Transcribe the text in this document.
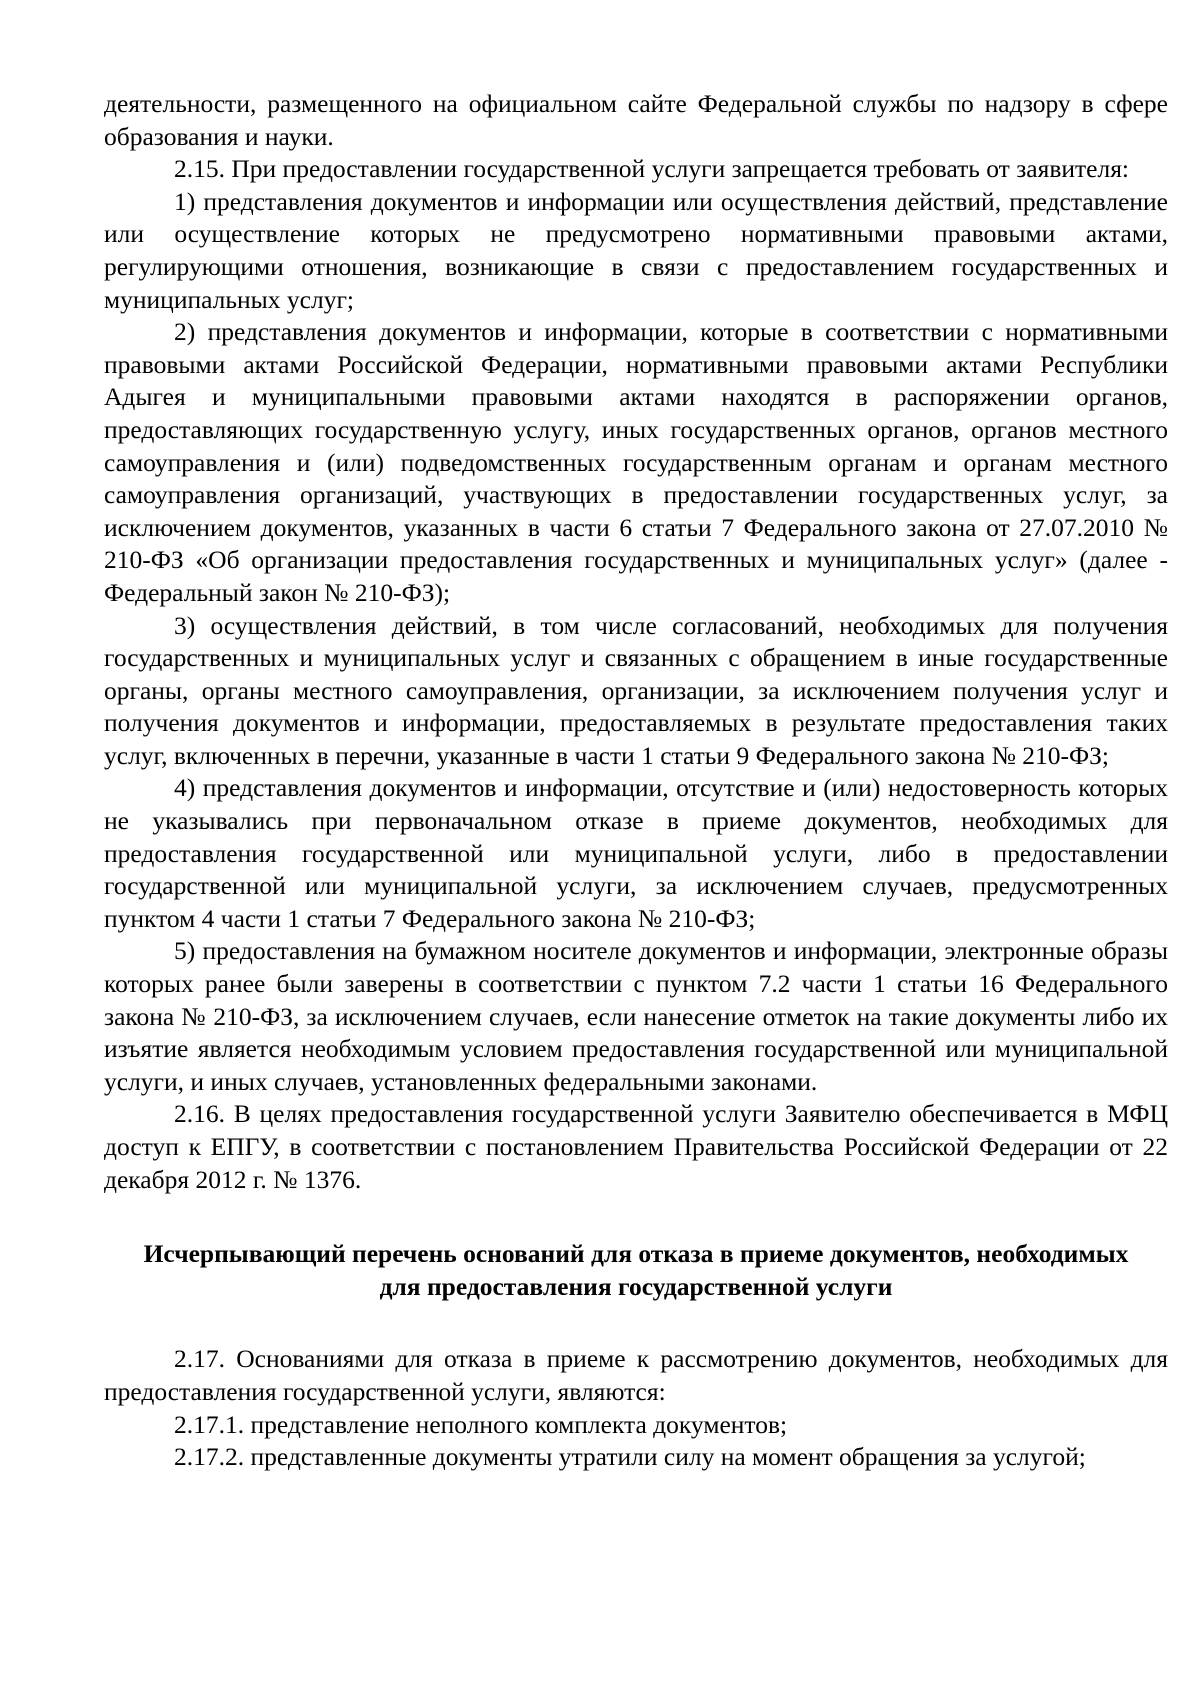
деятельности, размещенного на официальном сайте Федеральной службы по надзору в сфере образования и науки.

2.15. При предоставлении государственной услуги запрещается требовать от заявителя:

1) представления документов и информации или осуществления действий, представление или осуществление которых не предусмотрено нормативными правовыми актами, регулирующими отношения, возникающие в связи с предоставлением государственных и муниципальных услуг;

2) представления документов и информации, которые в соответствии с нормативными правовыми актами Российской Федерации, нормативными правовыми актами Республики Адыгея и муниципальными правовыми актами находятся в распоряжении органов, предоставляющих государственную услугу, иных государственных органов, органов местного самоуправления и (или) подведомственных государственным органам и органам местного самоуправления организаций, участвующих в предоставлении государственных услуг, за исключением документов, указанных в части 6 статьи 7 Федерального закона от 27.07.2010 № 210-ФЗ «Об организации предоставления государственных и муниципальных услуг» (далее - Федеральный закон № 210-ФЗ);

3) осуществления действий, в том числе согласований, необходимых для получения государственных и муниципальных услуг и связанных с обращением в иные государственные органы, органы местного самоуправления, организации, за исключением получения услуг и получения документов и информации, предоставляемых в результате предоставления таких услуг, включенных в перечни, указанные в части 1 статьи 9 Федерального закона № 210-ФЗ;

4) представления документов и информации, отсутствие и (или) недостоверность которых не указывались при первоначальном отказе в приеме документов, необходимых для предоставления государственной или муниципальной услуги, либо в предоставлении государственной или муниципальной услуги, за исключением случаев, предусмотренных пунктом 4 части 1 статьи 7 Федерального закона № 210-ФЗ;

5) предоставления на бумажном носителе документов и информации, электронные образы которых ранее были заверены в соответствии с пунктом 7.2 части 1 статьи 16 Федерального закона № 210-ФЗ, за исключением случаев, если нанесение отметок на такие документы либо их изъятие является необходимым условием предоставления государственной или муниципальной услуги, и иных случаев, установленных федеральными законами.

2.16. В целях предоставления государственной услуги Заявителю обеспечивается в МФЦ доступ к ЕПГУ, в соответствии с постановлением Правительства Российской Федерации от 22 декабря 2012 г. № 1376.

Исчерпывающий перечень оснований для отказа в приеме документов, необходимых для предоставления государственной услуги

2.17. Основаниями для отказа в приеме к рассмотрению документов, необходимых для предоставления государственной услуги, являются:

2.17.1. представление неполного комплекта документов;

2.17.2. представленные документы утратили силу на момент обращения за услугой;
